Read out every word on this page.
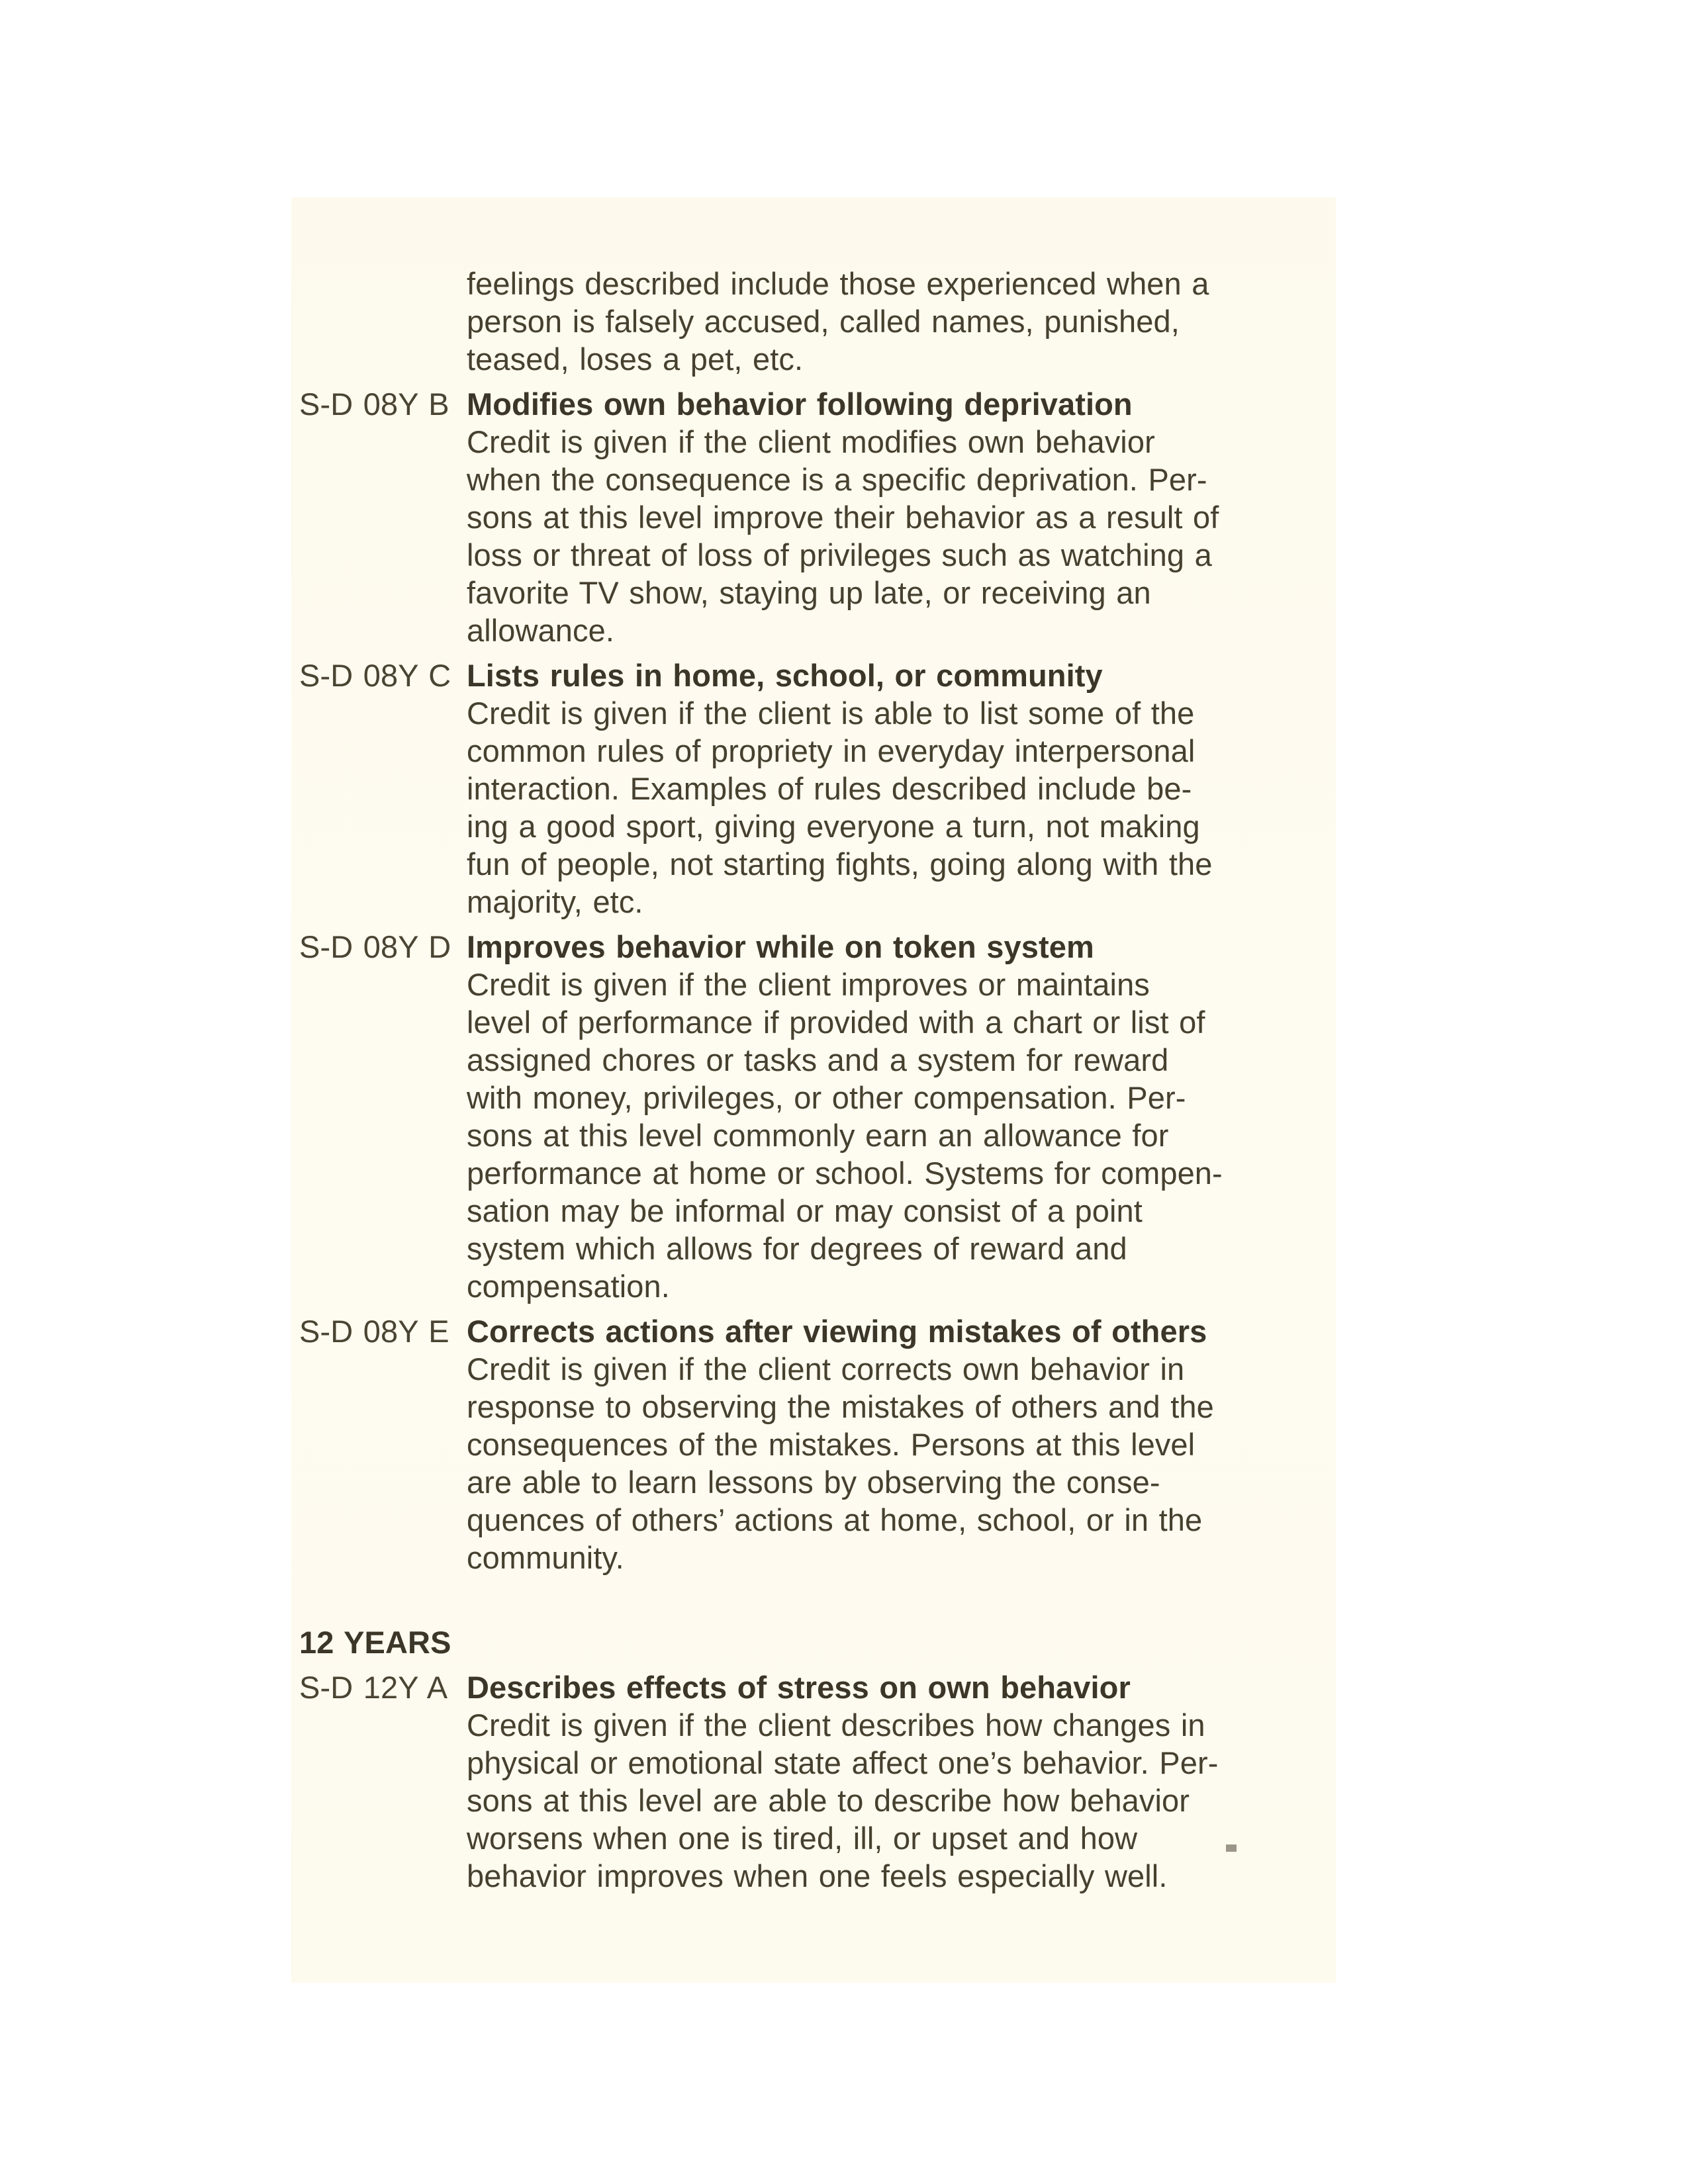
feelings described include those experienced when a
person is falsely accused, called names, punished,
teased, loses a pet, etc.
S-D 08Y B Modifies own behavior following deprivation
Credit is given if the client modifies own behavior
when the consequence is a specific deprivation. Per-
sons at this level improve their behavior as a result of
loss or threat of loss of privileges such as watching a
favorite TV show, staying up late, or receiving an
allowance.
S-D 08Y C Lists rules in home, school, or community
Credit is given if the client is able to list some of the
common rules of propriety in everyday interpersonal
interaction. Examples of rules described include be-
ing a good sport, giving everyone a turn, not making
fun of people, not starting fights, going along with the
majority, etc.
S-D 08Y D Improves behavior while on token system
Credit is given if the client improves or maintains
level of performance if provided with a chart or list of
assigned chores or tasks and a system for reward
with money, privileges, or other compensation. Per-
sons at this level commonly earn an allowance for
performance at home or school. Systems for compen-
sation may be informal or may consist of a point
system which allows for degrees of reward and
compensation.
S-D 08Y E Corrects actions after viewing mistakes of others
Credit is given if the client corrects own behavior in
response to observing the mistakes of others and the
consequences of the mistakes. Persons at this level
are able to learn lessons by observing the conse-
quences of others’ actions at home, school, or in the
community.
12 YEARS
S-D 12Y A Describes effects of stress on own behavior
Credit is given if the client describes how changes in
physical or emotional state affect one’s behavior. Per-
sons at this level are able to describe how behavior
worsens when one is tired, ill, or upset and how
behavior improves when one feels especially well.
